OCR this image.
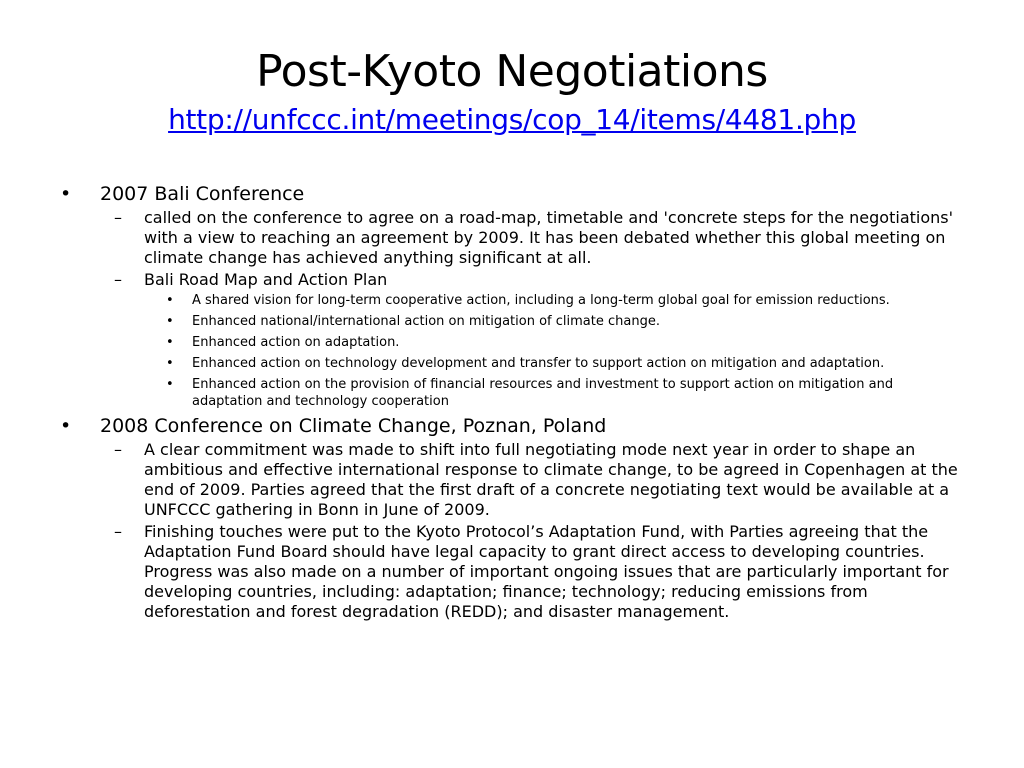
Post-Kyoto Negotiations
http://unfccc.int/meetings/cop_14/items/4481.php
• 2007 Bali Conference
– called on the conference to agree on a road-map, timetable and 'concrete steps for the negotiations' with a view to reaching an agreement by 2009. It has been debated whether this global meeting on climate change has achieved anything significant at all.
– Bali Road Map and Action Plan
• A shared vision for long-term cooperative action, including a long-term global goal for emission reductions.
• Enhanced national/international action on mitigation of climate change.
• Enhanced action on adaptation.
• Enhanced action on technology development and transfer to support action on mitigation and adaptation.
• Enhanced action on the provision of financial resources and investment to support action on mitigation and adaptation and technology cooperation
• 2008 Conference on Climate Change, Poznan, Poland
– A clear commitment was made to shift into full negotiating mode next year in order to shape an ambitious and effective international response to climate change, to be agreed in Copenhagen at the end of 2009. Parties agreed that the first draft of a concrete negotiating text would be available at a UNFCCC gathering in Bonn in June of 2009.
– Finishing touches were put to the Kyoto Protocol’s Adaptation Fund, with Parties agreeing that the Adaptation Fund Board should have legal capacity to grant direct access to developing countries. Progress was also made on a number of important ongoing issues that are particularly important for developing countries, including: adaptation; finance; technology; reducing emissions from deforestation and forest degradation (REDD); and disaster management.
